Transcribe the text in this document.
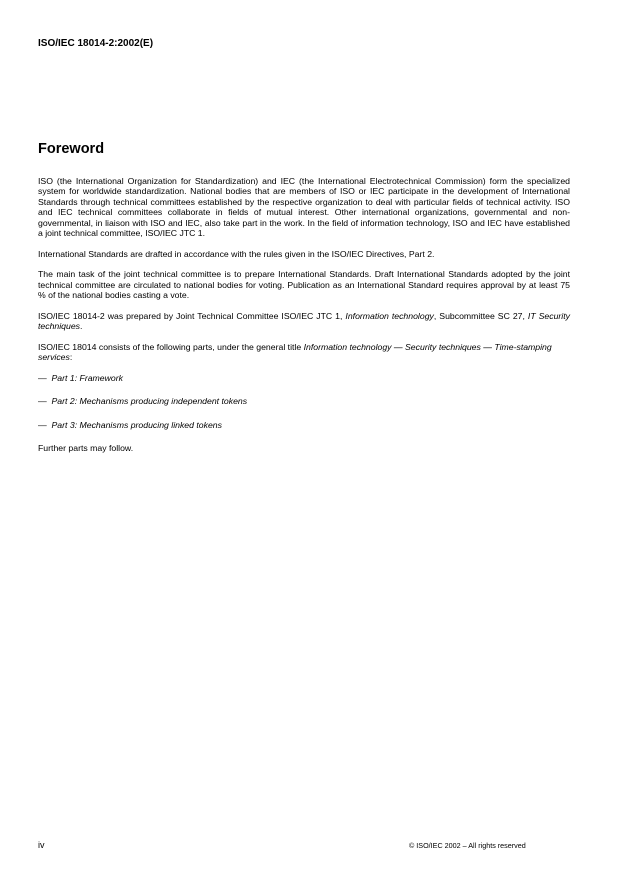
ISO/IEC 18014-2:2002(E)
Foreword

ISO (the International Organization for Standardization) and IEC (the International Electrotechnical Commission) form the specialized system for worldwide standardization. National bodies that are members of ISO or IEC participate in the development of International Standards through technical committees established by the respective organization to deal with particular fields of technical activity. ISO and IEC technical committees collaborate in fields of mutual interest. Other international organizations, governmental and non-governmental, in liaison with ISO and IEC, also take part in the work. In the field of information technology, ISO and IEC have established a joint technical committee, ISO/IEC JTC 1.

International Standards are drafted in accordance with the rules given in the ISO/IEC Directives, Part 2.

The main task of the joint technical committee is to prepare International Standards. Draft International Standards adopted by the joint technical committee are circulated to national bodies for voting. Publication as an International Standard requires approval by at least 75 % of the national bodies casting a vote.

ISO/IEC 18014-2 was prepared by Joint Technical Committee ISO/IEC JTC 1, Information technology, Subcommittee SC 27, IT Security techniques.

ISO/IEC 18014 consists of the following parts, under the general title Information technology — Security techniques — Time-stamping services:

— Part 1: Framework
— Part 2: Mechanisms producing independent tokens
— Part 3: Mechanisms producing linked tokens

Further parts may follow.

iv	© ISO/IEC 2002 – All rights reserved
